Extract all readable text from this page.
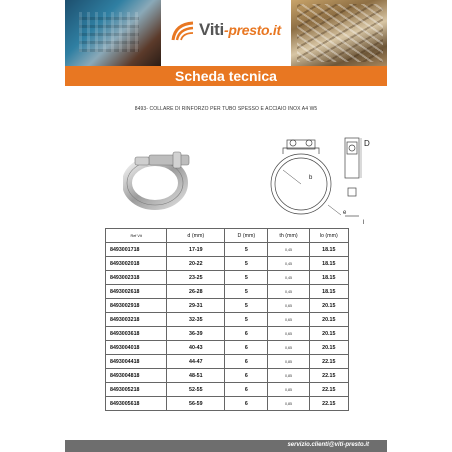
Viti-presto.it
Scheda tecnica
8493- COLLARE DI RINFORZO PER TUBO SPESSO E ACCIAIO INOX A4 W5
D
b
e
l
Ref Vit	d (mm)	D (mm)	th (mm)	lo (mm)
8493001718	17-19	5	0,45	18.15
8493002018	20-22	5	0,45	18.15
8493002318	23-25	5	0,45	18.15
8493002618	26-28	5	0,45	18.15
8493002918	29-31	5	0,65	20.15
8493003218	32-35	5	0,65	20.15
8493003618	36-39	6	0,65	20.15
8493004018	40-43	6	0,65	20.15
8493004418	44-47	6	0,85	22.15
8493004818	48-51	6	0,85	22.15
8493005218	52-55	6	0,85	22.15
8493005618	56-59	6	0,85	22.15
servizio.clienti@viti-presto.it
